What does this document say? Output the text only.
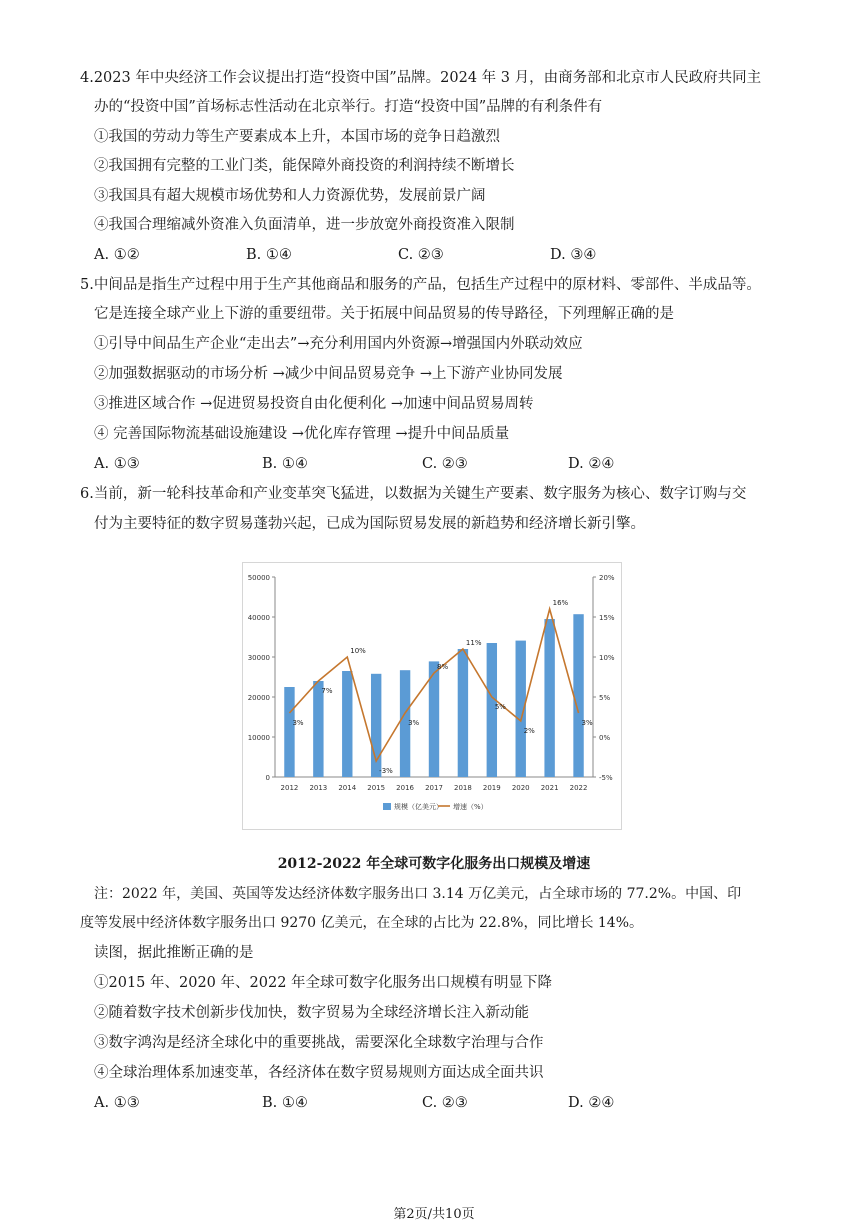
4.2023 年中央经济工作会议提出打造“投资中国”品牌。2024 年 3 月，由商务部和北京市人民政府共同主
办的“投资中国”首场标志性活动在北京举行。打造“投资中国”品牌的有利条件有
①我国的劳动力等生产要素成本上升，本国市场的竞争日趋激烈
②我国拥有完整的工业门类，能保障外商投资的利润持续不断增长
③我国具有超大规模市场优势和人力资源优势，发展前景广阔
④我国合理缩减外资准入负面清单，进一步放宽外商投资准入限制
A. ①②	B. ①④	C. ②③	D. ③④
5.中间品是指生产过程中用于生产其他商品和服务的产品，包括生产过程中的原材料、零部件、半成品等。
它是连接全球产业上下游的重要纽带。关于拓展中间品贸易的传导路径，下列理解正确的是
①引导中间品生产企业“走出去”→充分利用国内外资源→增强国内外联动效应
②加强数据驱动的市场分析 →减少中间品贸易竞争 →上下游产业协同发展
③推进区域合作 →促进贸易投资自由化便利化 →加速中间品贸易周转
④ 完善国际物流基础设施建设 →优化库存管理 →提升中间品质量
A. ①③	B. ①④	C. ②③	D. ②④
6.当前，新一轮科技革命和产业变革突飞猛进，以数据为关键生产要素、数字服务为核心、数字订购与交
付为主要特征的数字贸易蓬勃兴起，已成为国际贸易发展的新趋势和经济增长新引擎。
0
10000
20000
30000
40000
50000
-5%
0%
5%
10%
15%
20%
2012 2013 2014 2015 2016 2017 2018 2019 2020 2021 2022
3%
7%
10%
-3%
3%
8%
11%
5%
2%
16%
3%
规模（亿美元） 增速（%）
2012-2022 年全球可数字化服务出口规模及增速
注：2022 年，美国、英国等发达经济体数字服务出口 3.14 万亿美元，占全球市场的 77.2%。中国、印
度等发展中经济体数字服务出口 9270 亿美元，在全球的占比为 22.8%，同比增长 14%。
读图，据此推断正确的是
①2015 年、2020 年、2022 年全球可数字化服务出口规模有明显下降
②随着数字技术创新步伐加快，数字贸易为全球经济增长注入新动能
③数字鸿沟是经济全球化中的重要挑战，需要深化全球数字治理与合作
④全球治理体系加速变革，各经济体在数字贸易规则方面达成全面共识
A. ①③	B. ①④	C. ②③	D. ②④
第2页/共10页
